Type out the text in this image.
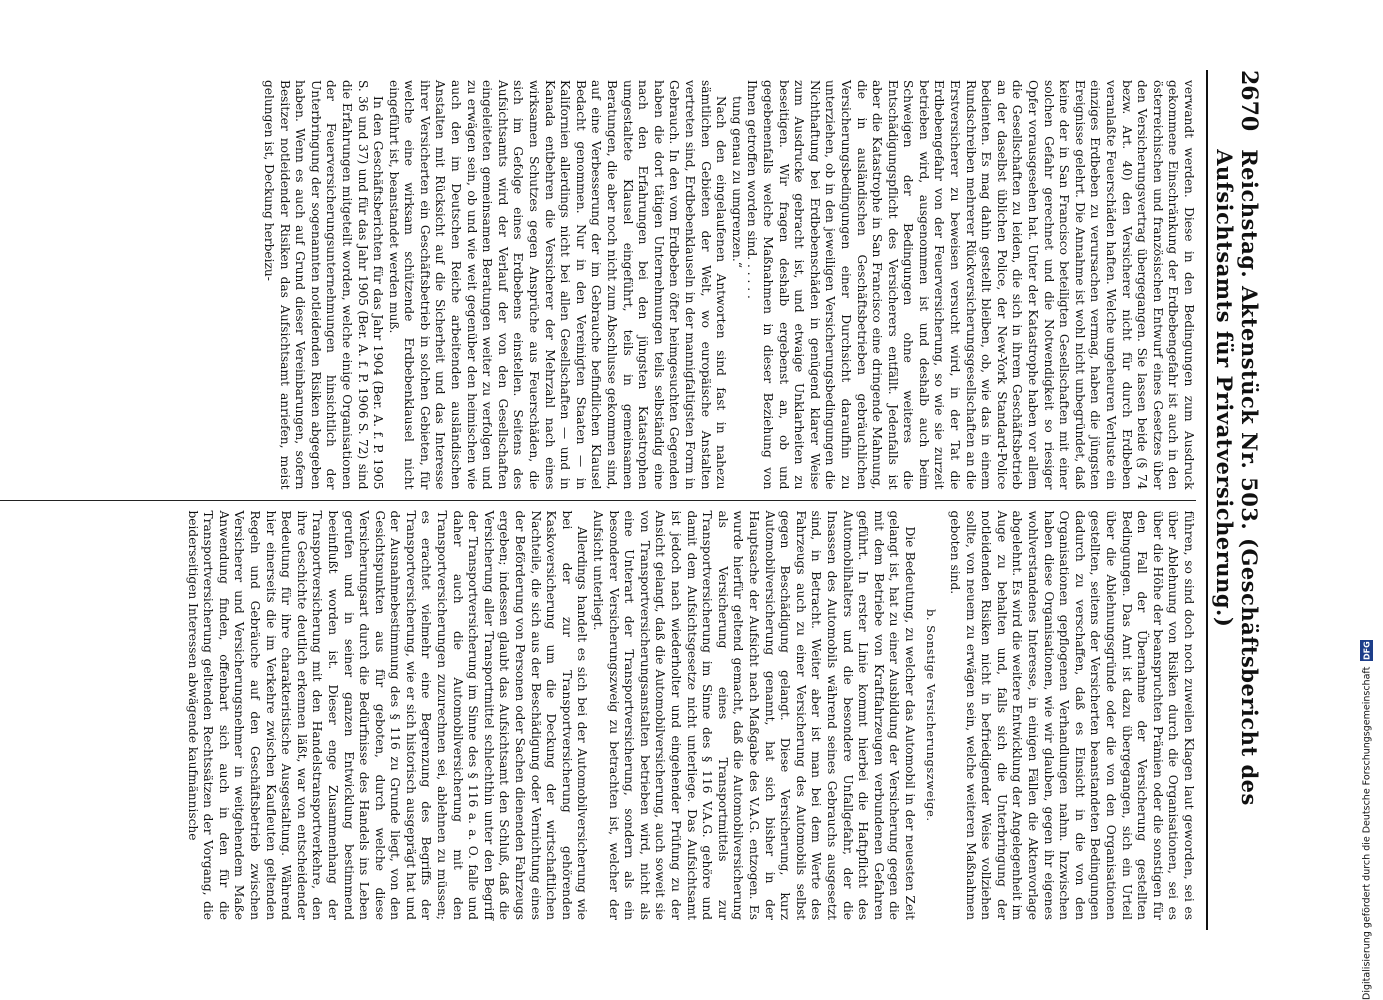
2670
Reichstag. Aktenstück Nr. 503. (Geschäftsbericht des Aufsichtsamts für Privatversicherung.)

verwandt werden. Diese in den Bedingungen zum Ausdruck gekommene Einschränkung der Erdbebengefahr ist auch in den österreichischen und französischen Entwurf eines Gesetzes über den Versicherungsvertrag übergegangen. Sie lassen beide (§ 74 bezw. Art. 40) den Versicherer nicht für durch Erdbeben veranlaßte Feuerschäden haften. Welche ungeheuren Verluste ein einziges Erdbeben zu verursachen vermag, haben die jüngsten Ereignisse gelehrt. Die Annahme ist wohl nicht unbegründet, daß keine der in San Francisco beteiligten Gesellschaften mit einer solchen Gefahr gerechnet und die Notwendigkeit so riesiger Opfer vorausgesehen hat. Unter der Katastrophe haben vor allem die Gesellschaften zu leiden, die sich in ihrem Geschäftsbetrieb an der daselbst üblichen Police, der New-York Standard-Police bedienten. Es mag dahin gestellt bleiben, ob, wie das in einem Rundschreiben mehrerer Rückversicherungsgesellschaften an die Erstversicherer zu beweisen versucht wird, in der Tat die Erdbebengefahr von der Feuerversicherung, so wie sie zurzeit betrieben wird, ausgenommen ist und deshalb auch beim Schweigen der Bedingungen ohne weiteres die Entschädigungspflicht des Versicherers entfällt. Jedenfalls ist aber die Katastrophe in San Francisco eine dringende Mahnung, die in ausländischen Geschäftsbetrieben gebräuchlichen Versicherungsbedingungen einer Durchsicht daraufhin zu unterziehen, ob in den jeweiligen Versicherungsbedingungen die Nichthaftung bei Erdbebenschäden in genügend klarer Weise zum Ausdrucke gebracht ist, und etwaige Unklarheiten zu beseitigen. Wir fragen deshalb ergebenst an, ob und gegebenenfalls welche Maßnahmen in dieser Beziehung von Ihnen getroffen worden sind. . . . . .

tung genau zu umgrenzen.“

Nach den eingelaufenen Antworten sind fast in nahezu sämtlichen Gebieten der Welt, wo europäische Anstalten vertreten sind, Erdbebenklauseln in der mannigfaltigsten Form in Gebrauch. In den vom Erdbeben öfter heimgesuchten Gegenden haben die dort tätigen Unternehmungen teils selbständig eine nach den Erfahrungen bei den jüngsten Katastrophen umgestaltete Klausel eingeführt, teils in gemeinsamen Beratungen, die aber noch nicht zum Abschlusse gekommen sind, auf eine Verbesserung der im Gebrauche befindlichen Klausel Bedacht genommen. Nur in den Vereinigten Staaten — in Kalifornien allerdings nicht bei allen Gesellschaften — und in Kanada entbehren die Versicherer der Mehrzahl nach eines wirksamen Schutzes gegen Ansprüche aus Feuerschäden, die sich im Gefolge eines Erdbebens einstellen. Seitens des Aufsichtsamts wird der Verlauf der von den Gesellschaften eingeleiteten gemeinsamen Beratungen weiter zu verfolgen und zu erwägen sein, ob und wie weit gegenüber den heimischen wie auch den im Deutschen Reiche arbeitenden ausländischen Anstalten mit Rücksicht auf die Sicherheit und das Interesse ihrer Versicherten ein Geschäftsbetrieb in solchen Gebieten, für welche eine wirksam schützende Erdbebenklausel nicht eingeführt ist, beanstandet werden muß.

In den Geschäftsberichten für das Jahr 1904 (Ber. A. f. P. 1905 S. 36 und 37) und für das Jahr 1905 (Ber. A. f. P. 1906 S. 72) sind die Erfahrungen mitgeteilt worden, welche einige Organisationen der Feuerversicherungsunternehmungen hinsichtlich der Unterbringung der sogenannten notleidenden Risiken abgegeben haben. Wenn es auch auf Grund dieser Vereinbarungen, sofern Besitzer notleidender Risiken das Aufsichtsamt anriefen, meist gelungen ist, Deckung herbeizu-

führen, so sind doch noch zuweilen Klagen laut geworden, sei es über Ablehnung von Risiken durch die Organisationen, sei es über die Höhe der beanspruchten Prämien oder die sonstigen für den Fall der Übernahme der Versicherung gestellten Bedingungen. Das Amt ist dazu übergegangen, sich ein Urteil über die Ablehnungsgründe oder die von den Organisationen gestellten, seitens der Versicherten beanstandeten Bedingungen dadurch zu verschaffen, daß es Einsicht in die von den Organisationen gepflogenen Verhandlungen nahm. Inzwischen haben diese Organisationen, wie wir glauben, gegen ihr eigenes wohlverstandenes Interesse, in einigen Fällen die Aktenvorlage abgelehnt. Es wird die weitere Entwicklung der Angelegenheit im Auge zu behalten und, falls sich die Unterbringung der notleidenden Risiken nicht in befriedigender Weise vollziehen sollte, von neuem zu erwägen sein, welche weiteren Maßnahmen geboten sind.

b. Sonstige Versicherungszweige.

Die Bedeutung, zu welcher das Automobil in der neuesten Zeit gelangt ist, hat zu einer Ausbildung der Versicherung gegen die mit dem Betriebe von Kraftfahrzeugen verbundenen Gefahren geführt. In erster Linie kommt hierbei die Haftpflicht des Automobilhalters und die besondere Unfallgefahr, der die Insassen des Automobils während seines Gebrauchs ausgesetzt sind, in Betracht. Weiter aber ist man bei dem Werte des Fahrzeugs auch zu einer Versicherung des Automobils selbst gegen Beschädigung gelangt. Diese Versicherung, kurz Automobilversicherung genannt, hat sich bisher in der Hauptsache der Aufsicht nach Maßgabe des V.A.G. entzogen. Es wurde hierfür geltend gemacht, daß die Automobilversicherung als Versicherung eines Transportmittels zur Transportversicherung im Sinne des § 116 V.A.G. gehöre und damit dem Aufsichtsgesetze nicht unterliege. Das Aufsichtsamt ist jedoch nach wiederholter und eingehender Prüfung zu der Ansicht gelangt, daß die Automobilversicherung, auch soweit sie von Transportversicherungsanstalten betrieben wird, nicht als eine Unterart der Transportversicherung, sondern als ein besonderer Versicherungszweig zu betrachten ist, welcher der Aufsicht unterliegt.

Allerdings handelt es sich bei der Automobilversicherung wie bei der zur Transportversicherung gehörenden Kaskoversicherung um die Deckung der wirtschaftlichen Nachteile, die sich aus der Beschädigung oder Vernichtung eines der Beförderung von Personen oder Sachen dienenden Fahrzeugs ergeben; indessen glaubt das Aufsichtsamt den Schluß, daß die Versicherung aller Transportmittel schlechthin unter den Begriff der Transportversicherung im Sinne des § 116 a. a. O. falle und daher auch die Automobilversicherung mit den Transportversicherungen zuzurechnen sei, ablehnen zu müssen; es erachtet vielmehr eine Begrenzung des Begriffs der Transportversicherung, wie er sich historisch ausgeprägt hat und der Ausnahmebestimmung des § 116 zu Grunde liegt, von den Gesichtspunkten aus für geboten, durch welche diese Versicherungsart durch die Bedürfnisse des Handels ins Leben gerufen und in seiner ganzen Entwicklung bestimmend beeinflußt worden ist. Dieser enge Zusammenhang der Transportversicherung mit den Handelstransportverkehre, den ihre Geschichte deutlich erkennen läßt, war von entscheidender Bedeutung für ihre charakteristische Ausgestaltung. Während hier einerseits die im Verkehre zwischen Kaufleuten geltenden Regeln und Gebräuche auf den Geschäftsbetrieb zwischen Versicherer und Versicherungsnehmer in weitgehendem Maße Anwendung finden, offenbart sich auch in den für die Transportversicherung geltenden Rechtssätzen der Vorgang, die beiderseitigen Interessen abwägende kaufmännische	Digitalisierung gefördert durch die Deutsche Forschungsgemeinschaft
DFG
